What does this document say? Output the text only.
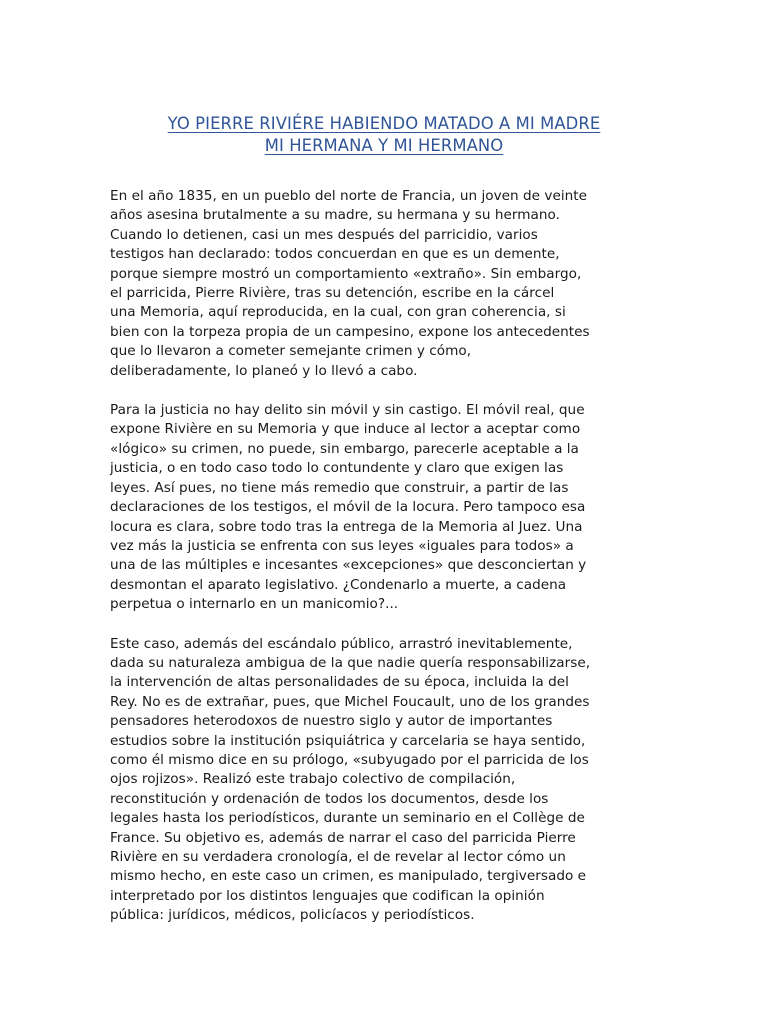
YO PIERRE RIVIÉRE HABIENDO MATADO A MI MADRE
MI HERMANA Y MI HERMANO

En el año 1835, en un pueblo del norte de Francia, un joven de veinte
años asesina brutalmente a su madre, su hermana y su hermano.
Cuando lo detienen, casi un mes después del parricidio, varios
testigos han declarado: todos concuerdan en que es un demente,
porque siempre mostró un comportamiento «extraño». Sin embargo,
el parricida, Pierre Rivière, tras su detención, escribe en la cárcel
una Memoria, aquí reproducida, en la cual, con gran coherencia, si
bien con la torpeza propia de un campesino, expone los antecedentes
que lo llevaron a cometer semejante crimen y cómo,
deliberadamente, lo planeó y lo llevó a cabo.

Para la justicia no hay delito sin móvil y sin castigo. El móvil real, que
expone Rivière en su Memoria y que induce al lector a aceptar como
«lógico» su crimen, no puede, sin embargo, parecerle aceptable a la
justicia, o en todo caso todo lo contundente y claro que exigen las
leyes. Así pues, no tiene más remedio que construir, a partir de las
declaraciones de los testigos, el móvil de la locura. Pero tampoco esa
locura es clara, sobre todo tras la entrega de la Memoria al Juez. Una
vez más la justicia se enfrenta con sus leyes «iguales para todos» a
una de las múltiples e incesantes «excepciones» que desconciertan y
desmontan el aparato legislativo. ¿Condenarlo a muerte, a cadena
perpetua o internarlo en un manicomio?...

Este caso, además del escándalo público, arrastró inevitablemente,
dada su naturaleza ambigua de la que nadie quería responsabilizarse,
la intervención de altas personalidades de su época, incluida la del
Rey. No es de extrañar, pues, que Michel Foucault, uno de los grandes
pensadores heterodoxos de nuestro siglo y autor de importantes
estudios sobre la institución psiquiátrica y carcelaria se haya sentido,
como él mismo dice en su prólogo, «subyugado por el parricida de los
ojos rojizos». Realizó este trabajo colectivo de compilación,
reconstitución y ordenación de todos los documentos, desde los
legales hasta los periodísticos, durante un seminario en el Collège de
France. Su objetivo es, además de narrar el caso del parricida Pierre
Rivière en su verdadera cronología, el de revelar al lector cómo un
mismo hecho, en este caso un crimen, es manipulado, tergiversado e
interpretado por los distintos lenguajes que codifican la opinión
pública: jurídicos, médicos, policíacos y periodísticos.
